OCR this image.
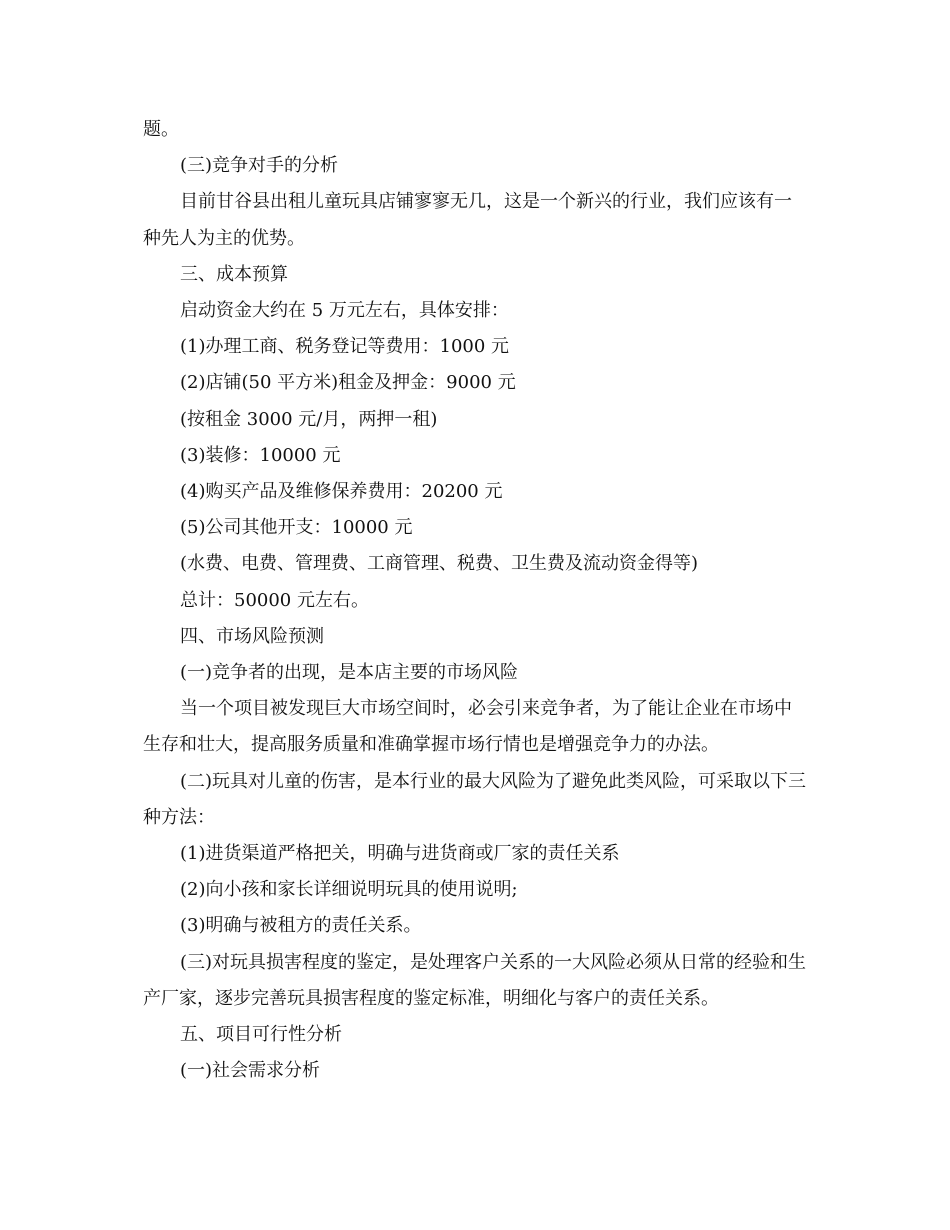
题。

(三)竞争对手的分析

目前甘谷县出租儿童玩具店铺寥寥无几，这是一个新兴的行业，我们应该有一种先人为主的优势。

三、成本预算

启动资金大约在 5 万元左右，具体安排：

(1)办理工商、税务登记等费用：1000 元

(2)店铺(50 平方米)租金及押金：9000 元

(按租金 3000 元/月，两押一租)

(3)装修：10000 元

(4)购买产品及维修保养费用：20200 元

(5)公司其他开支：10000 元

(水费、电费、管理费、工商管理、税费、卫生费及流动资金得等)

总计：50000 元左右。

四、市场风险预测

(一)竞争者的出现，是本店主要的市场风险

当一个项目被发现巨大市场空间时，必会引来竞争者，为了能让企业在市场中生存和壮大，提高服务质量和准确掌握市场行情也是增强竞争力的办法。

(二)玩具对儿童的伤害，是本行业的最大风险为了避免此类风险，可采取以下三种方法：

(1)进货渠道严格把关，明确与进货商或厂家的责任关系

(2)向小孩和家长详细说明玩具的使用说明;

(3)明确与被租方的责任关系。

(三)对玩具损害程度的鉴定，是处理客户关系的一大风险必须从日常的经验和生产厂家，逐步完善玩具损害程度的鉴定标准，明细化与客户的责任关系。

五、项目可行性分析

(一)社会需求分析
